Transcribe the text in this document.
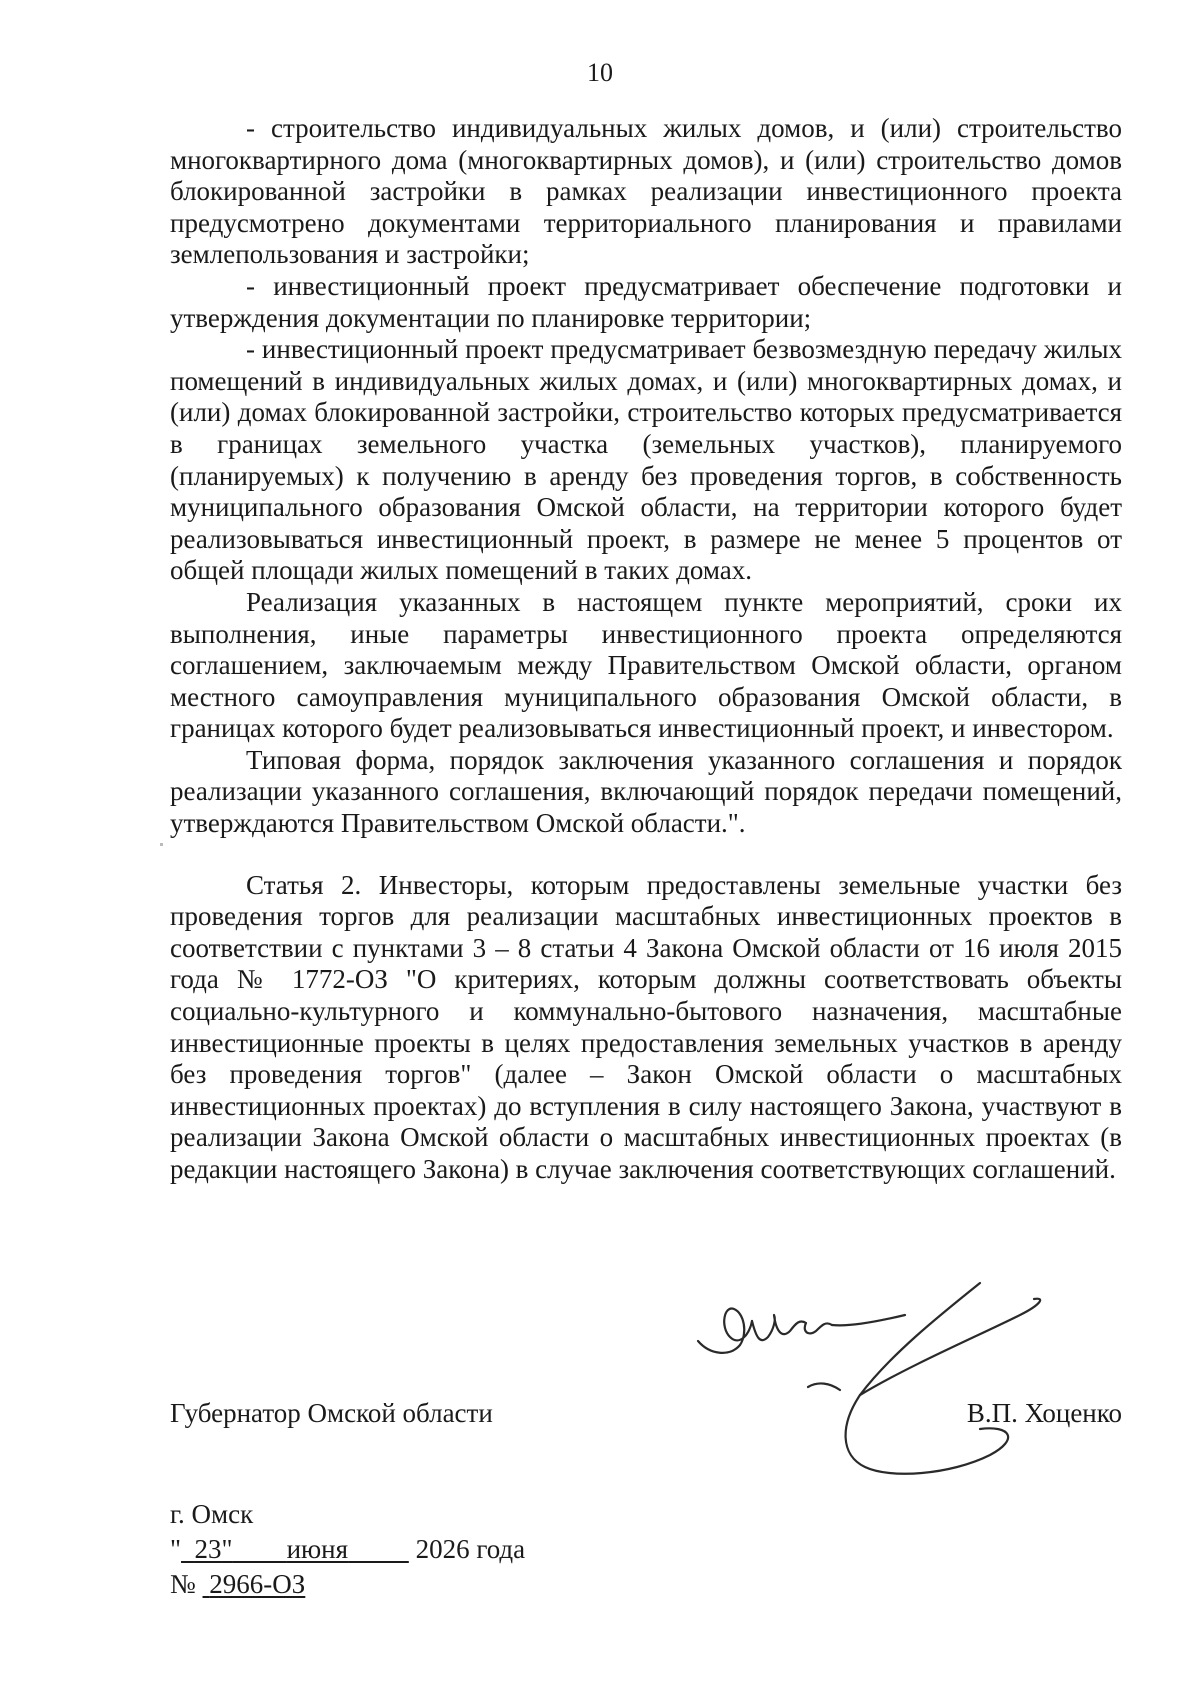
10

- строительство индивидуальных жилых домов, и (или) строительство многоквартирного дома (многоквартирных домов), и (или) строительство домов блокированной застройки в рамках реализации инвестиционного проекта предусмотрено документами территориального планирования и правилами землепользования и застройки;

- инвестиционный проект предусматривает обеспечение подготовки и утверждения документации по планировке территории;

- инвестиционный проект предусматривает безвозмездную передачу жилых помещений в индивидуальных жилых домах, и (или) многоквартирных домах, и (или) домах блокированной застройки, строительство которых предусматривается в границах земельного участка (земельных участков), планируемого (планируемых) к получению в аренду без проведения торгов, в собственность муниципального образования Омской области, на территории которого будет реализовываться инвестиционный проект, в размере не менее 5 процентов от общей площади жилых помещений в таких домах.

Реализация указанных в настоящем пункте мероприятий, сроки их выполнения, иные параметры инвестиционного проекта определяются соглашением, заключаемым между Правительством Омской области, органом местного самоуправления муниципального образования Омской области, в границах которого будет реализовываться инвестиционный проект, и инвестором.

Типовая форма, порядок заключения указанного соглашения и порядок реализации указанного соглашения, включающий порядок передачи помещений, утверждаются Правительством Омской области.".

Статья 2. Инвесторы, которым предоставлены земельные участки без проведения торгов для реализации масштабных инвестиционных проектов в соответствии с пунктами 3 – 8 статьи 4 Закона Омской области от 16 июля 2015 года № 1772-ОЗ "О критериях, которым должны соответствовать объекты социально-культурного и коммунально-бытового назначения, масштабные инвестиционные проекты в целях предоставления земельных участков в аренду без проведения торгов" (далее – Закон Омской области о масштабных инвестиционных проектах) до вступления в силу настоящего Закона, участвуют в реализации Закона Омской области о масштабных инвестиционных проектах (в редакции настоящего Закона) в случае заключения соответствующих соглашений.

Губернатор Омской области	В.П. Хоценко
г. Омск
" 23" июня	2026 года
№ 2966-ОЗ
